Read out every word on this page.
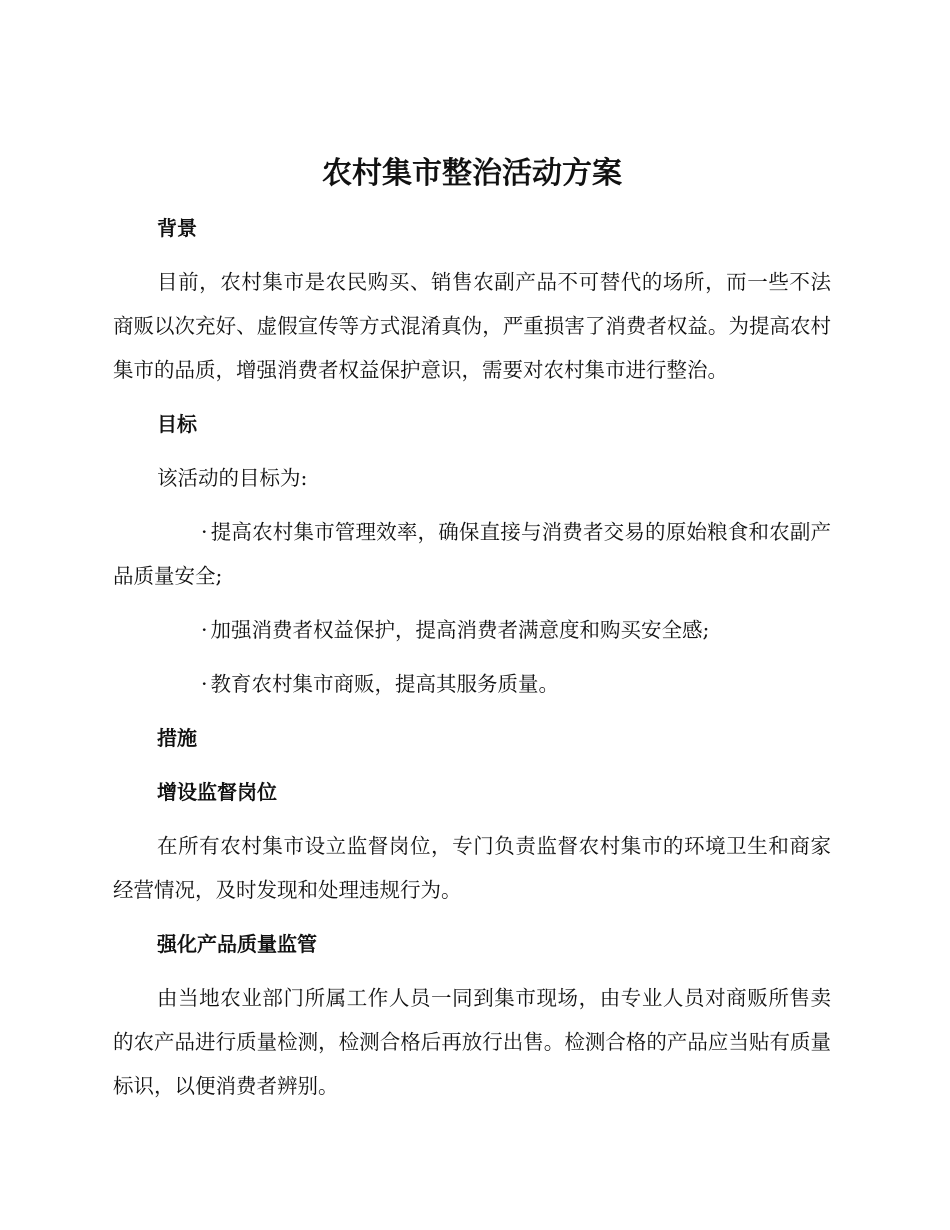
农村集市整治活动方案
背景

目前，农村集市是农民购买、销售农副产品不可替代的场所，而一些不法商贩以次充好、虚假宣传等方式混淆真伪，严重损害了消费者权益。为提高农村集市的品质，增强消费者权益保护意识，需要对农村集市进行整治。

目标

该活动的目标为:

· 提高农村集市管理效率，确保直接与消费者交易的原始粮食和农副产品质量安全;

· 加强消费者权益保护，提高消费者满意度和购买安全感;

· 教育农村集市商贩，提高其服务质量。

措施
增设监督岗位

在所有农村集市设立监督岗位，专门负责监督农村集市的环境卫生和商家经营情况，及时发现和处理违规行为。

强化产品质量监管

由当地农业部门所属工作人员一同到集市现场，由专业人员对商贩所售卖的农产品进行质量检测，检测合格后再放行出售。检测合格的产品应当贴有质量标识，以便消费者辨别。
